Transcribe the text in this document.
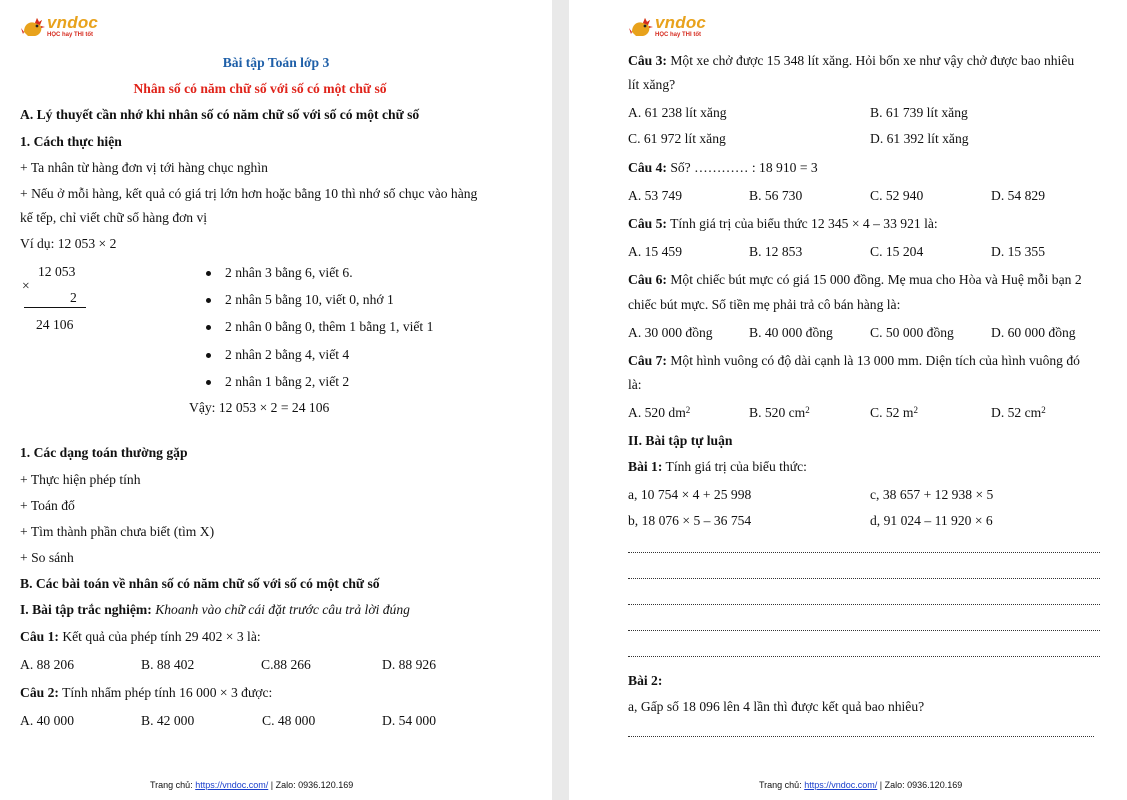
vndoc
HỌC hay THI tốt
Bài tập Toán lớp 3
Nhân số có năm chữ số với số có một chữ số
A. Lý thuyết cần nhớ khi nhân số có năm chữ số với số có một chữ số
1. Cách thực hiện
+ Ta nhân từ hàng đơn vị tới hàng chục nghìn
+ Nếu ở mỗi hàng, kết quả có giá trị lớn hơn hoặc bằng 10 thì nhớ số chục vào hàng
kế tếp, chỉ viết chữ số hàng đơn vị
Ví dụ: 12 053 × 2
12 053
×
2
24 106
2 nhân 3 bằng 6, viết 6.
2 nhân 5 bằng 10, viết 0, nhớ 1
2 nhân 0 bằng 0, thêm 1 bằng 1, viết 1
2 nhân 2 bằng 4, viết 4
2 nhân 1 bằng 2, viết 2
Vậy: 12 053 × 2 = 24 106
1. Các dạng toán thường gặp
+ Thực hiện phép tính
+ Toán đố
+ Tìm thành phần chưa biết (tìm X)
+ So sánh
B. Các bài toán về nhân số có năm chữ số với số có một chữ số
I. Bài tập trắc nghiệm: Khoanh vào chữ cái đặt trước câu trả lời đúng
Câu 1: Kết quả của phép tính 29 402 × 3 là:
A. 88 206	B. 88 402	C.88 266	D. 88 926
Câu 2: Tính nhẩm phép tính 16 000 × 3 được:
A. 40 000	B. 42 000	C. 48 000	D. 54 000
Trang chủ: https://vndoc.com/ | Zalo: 0936.120.169
vndoc
HỌC hay THI tốt
Câu 3: Một xe chở được 15 348 lít xăng. Hỏi bốn xe như vậy chở được bao nhiêu
lít xăng?
A. 61 238 lít xăng	B. 61 739 lít xăng
C. 61 972 lít xăng	D. 61 392 lít xăng
Câu 4: Số? ………… : 18 910 = 3
A. 53 749	B. 56 730	C. 52 940	D. 54 829
Câu 5: Tính giá trị của biểu thức 12 345 × 4 – 33 921 là:
A. 15 459	B. 12 853	C. 15 204	D. 15 355
Câu 6: Một chiếc bút mực có giá 15 000 đồng. Mẹ mua cho Hòa và Huệ mỗi bạn 2
chiếc bút mực. Số tiền mẹ phải trả cô bán hàng là:
A. 30 000 đồng	B. 40 000 đồng	C. 50 000 đồng	D. 60 000 đồng
Câu 7: Một hình vuông có độ dài cạnh là 13 000 mm. Diện tích của hình vuông đó
là:
A. 520 $dm^2$	B. 520 $cm^2$	C. 52 $m^2$	D. 52 $cm^2$
II. Bài tập tự luận
Bài 1: Tính giá trị của biểu thức:
a, 10 754 × 4 + 25 998	c, 38 657 + 12 938 × 5
b, 18 076 × 5 – 36 754	d, 91 024 – 11 920 × 6
Bài 2:
a, Gấp số 18 096 lên 4 lần thì được kết quả bao nhiêu?
Trang chủ: https://vndoc.com/ | Zalo: 0936.120.169
